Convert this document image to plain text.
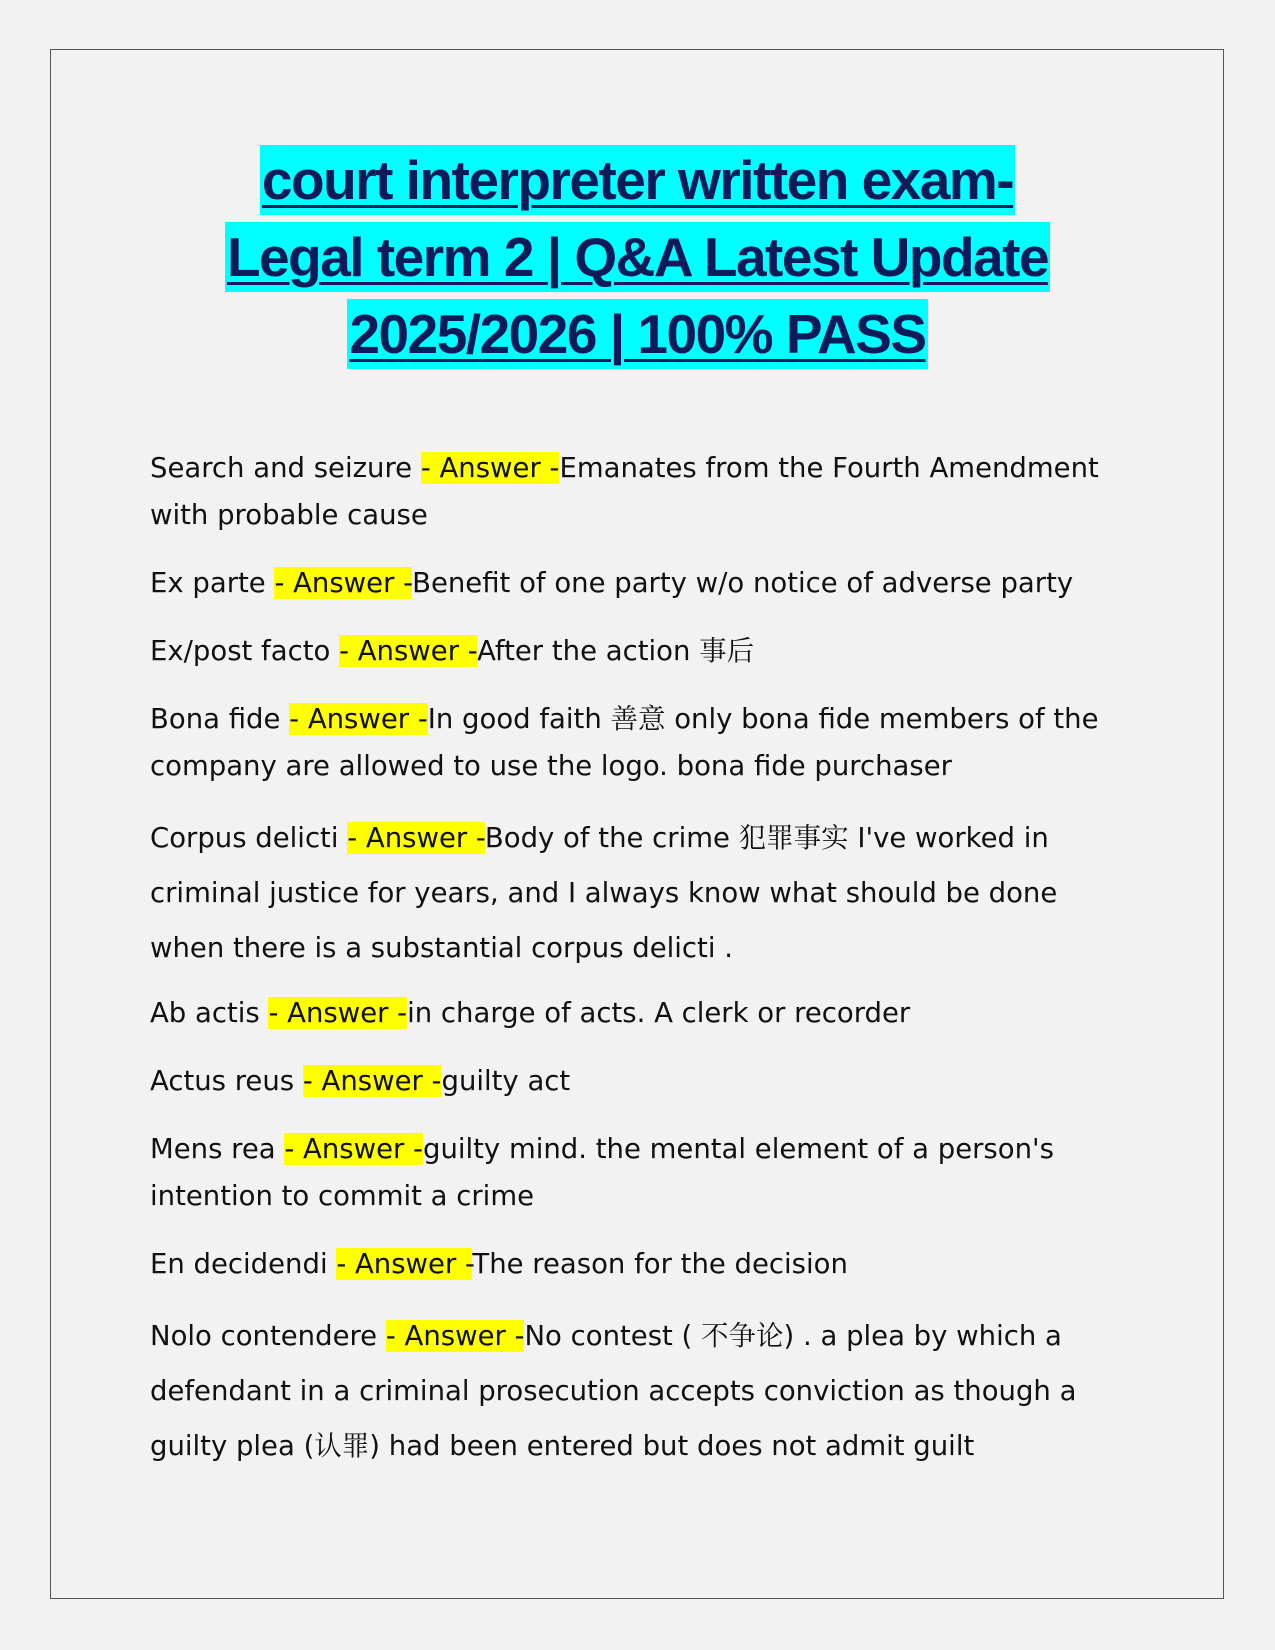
court interpreter written exam-
Legal term 2 | Q&A Latest Update
2025/2026 | 100% PASS

Search and seizure - Answer -Emanates from the Fourth Amendment with probable cause

Ex parte - Answer -Benefit of one party w/o notice of adverse party

Ex/post facto - Answer -After the action 事后

Bona fide - Answer -In good faith 善意 only bona fide members of the company are allowed to use the logo. bona fide purchaser

Corpus delicti - Answer -Body of the crime 犯罪事实 I've worked in criminal justice for years, and I always know what should be done when there is a substantial corpus delicti .

Ab actis - Answer -in charge of acts. A clerk or recorder

Actus reus - Answer -guilty act

Mens rea - Answer -guilty mind. the mental element of a person's intention to commit a crime

En decidendi - Answer -The reason for the decision

Nolo contendere - Answer -No contest ( 不争论) . a plea by which a defendant in a criminal prosecution accepts conviction as though a guilty plea (认罪) had been entered but does not admit guilt
